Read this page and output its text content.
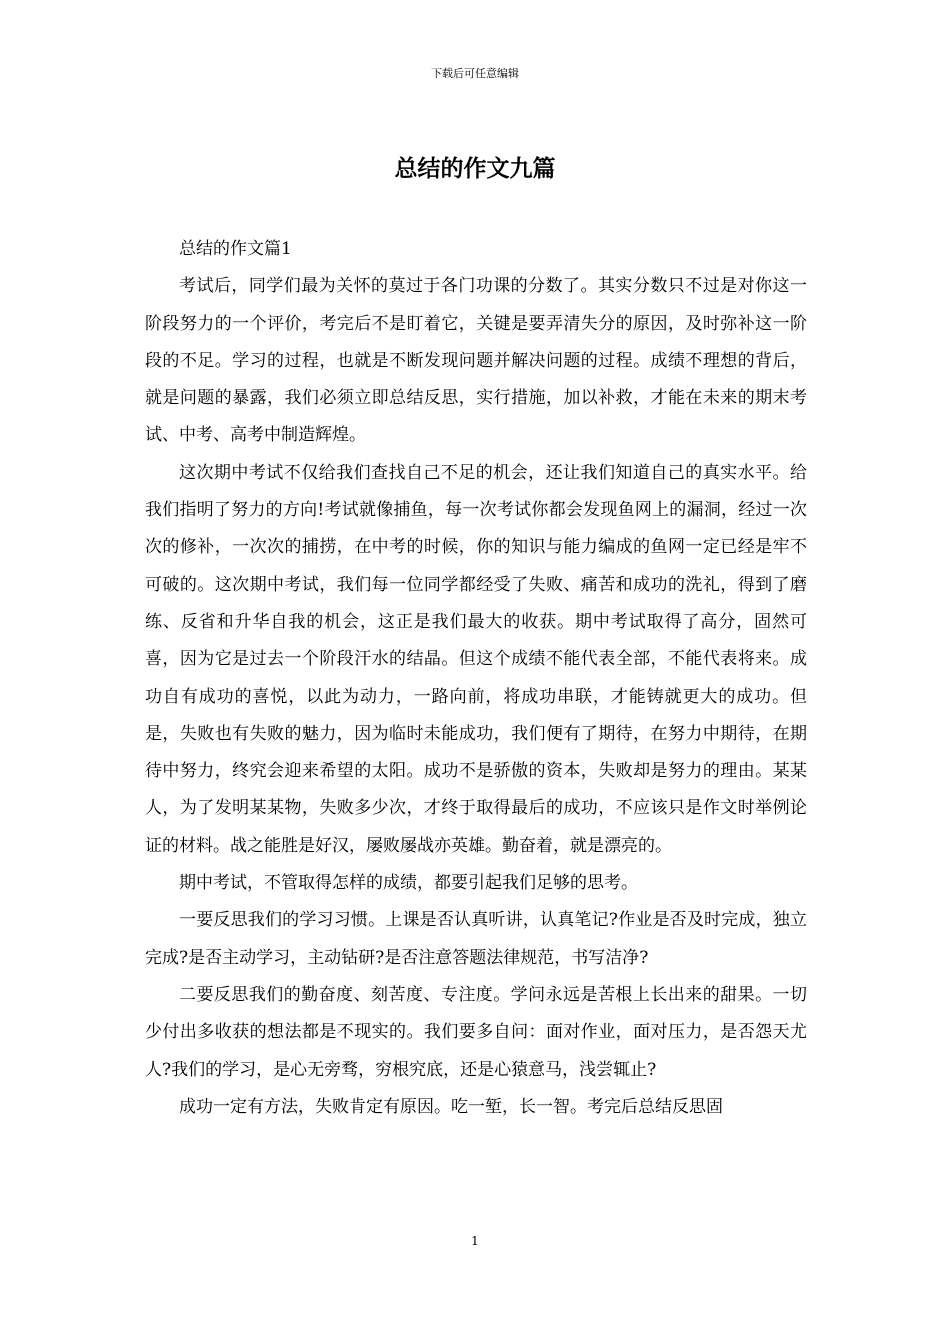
下载后可任意编辑
总结的作文九篇

总结的作文篇1

考试后，同学们最为关怀的莫过于各门功课的分数了。其实分数只不过是对你这一阶段努力的一个评价，考完后不是盯着它，关键是要弄清失分的原因，及时弥补这一阶段的不足。学习的过程，也就是不断发现问题并解决问题的过程。成绩不理想的背后，就是问题的暴露，我们必须立即总结反思，实行措施，加以补救，才能在未来的期末考试、中考、高考中制造辉煌。

这次期中考试不仅给我们查找自己不足的机会，还让我们知道自己的真实水平。给我们指明了努力的方向!考试就像捕鱼，每一次考试你都会发现鱼网上的漏洞，经过一次次的修补，一次次的捕捞，在中考的时候，你的知识与能力编成的鱼网一定已经是牢不可破的。这次期中考试，我们每一位同学都经受了失败、痛苦和成功的洗礼，得到了磨练、反省和升华自我的机会，这正是我们最大的收获。期中考试取得了高分，固然可喜，因为它是过去一个阶段汗水的结晶。但这个成绩不能代表全部，不能代表将来。成功自有成功的喜悦，以此为动力，一路向前，将成功串联，才能铸就更大的成功。但是，失败也有失败的魅力，因为临时未能成功，我们便有了期待，在努力中期待，在期待中努力，终究会迎来希望的太阳。成功不是骄傲的资本，失败却是努力的理由。某某人，为了发明某某物，失败多少次，才终于取得最后的成功，不应该只是作文时举例论证的材料。战之能胜是好汉，屡败屡战亦英雄。勤奋着，就是漂亮的。

期中考试，不管取得怎样的成绩，都要引起我们足够的思考。

一要反思我们的学习习惯。上课是否认真听讲，认真笔记?作业是否及时完成，独立完成?是否主动学习，主动钻研?是否注意答题法律规范，书写洁净?

二要反思我们的勤奋度、刻苦度、专注度。学问永远是苦根上长出来的甜果。一切少付出多收获的想法都是不现实的。我们要多自问：面对作业，面对压力，是否怨天尤人?我们的学习，是心无旁骛，穷根究底，还是心猿意马，浅尝辄止?

成功一定有方法，失败肯定有原因。吃一堑，长一智。考完后总结反思固

1
